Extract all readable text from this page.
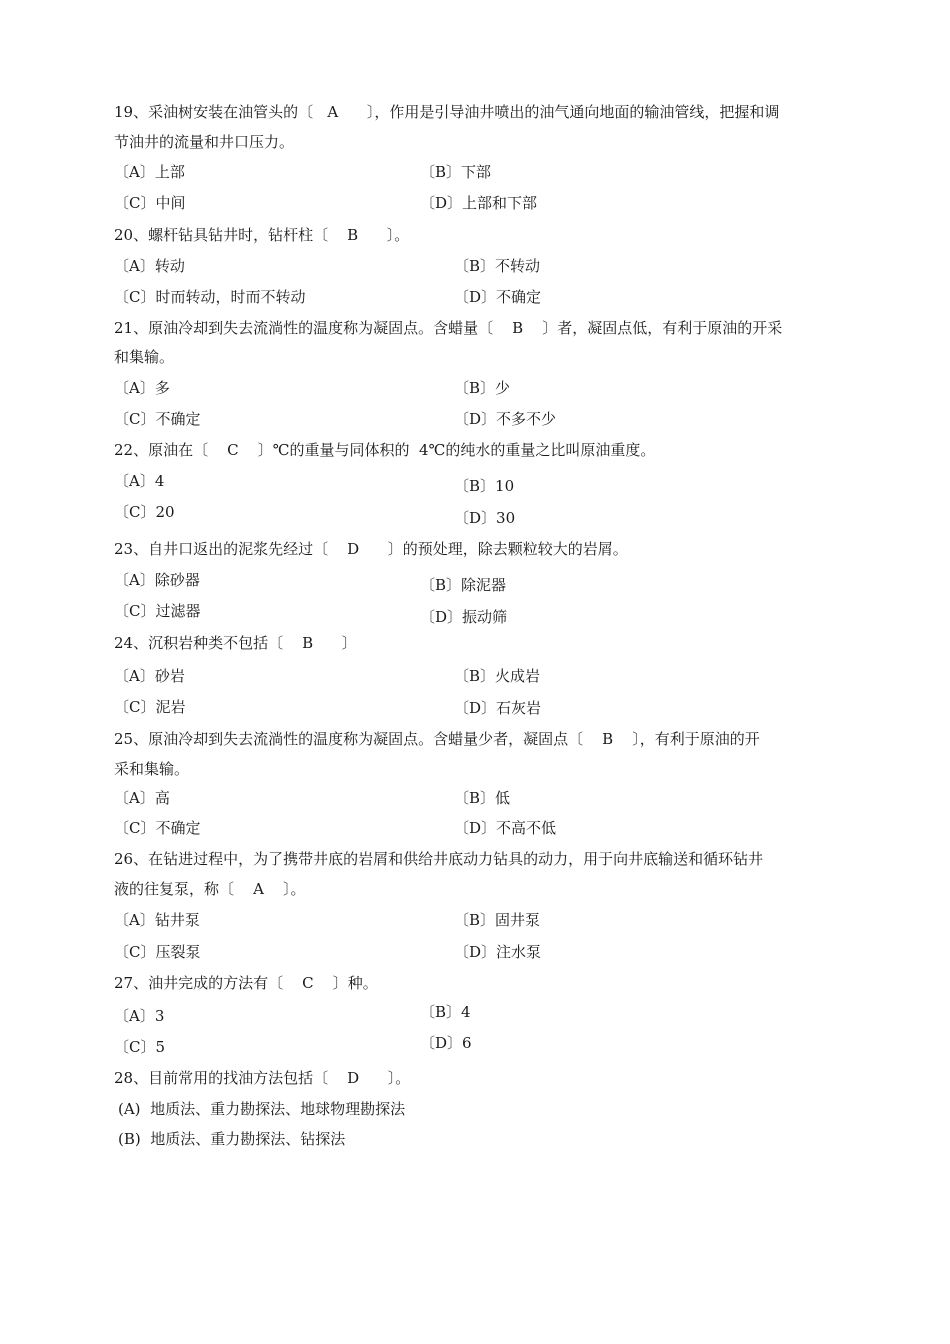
19、采油树安装在油管头的〔   A      〕，作用是引导油井喷出的油气通向地面的输油管线，把握和调
节油井的流量和井口压力。
〔A〕上部	〔B〕下部
〔C〕中间	〔D〕上部和下部
20、螺杆钻具钻井时，钻杆柱〔    B      〕。
〔A〕转动	〔B〕不转动
〔C〕时而转动，时而不转动	〔D〕不确定
21、原油冷却到失去流淌性的温度称为凝固点。含蜡量〔    B    〕者，凝固点低，有利于原油的开采
和集输。
〔A〕多	〔B〕少
〔C〕不确定	〔D〕不多不少
22、原油在〔    C    〕℃的重量与同体积的  4℃的纯水的重量之比叫原油重度。
〔A〕4	〔B〕10
〔C〕20	〔D〕30
23、自井口返出的泥浆先经过〔    D      〕的预处理，除去颗粒较大的岩屑。
〔A〕除砂器	〔B〕除泥器
〔C〕过滤器	〔D〕振动筛
24、沉积岩种类不包括〔    B      〕
〔A〕砂岩	〔B〕火成岩
〔C〕泥岩	〔D〕石灰岩
25、原油冷却到失去流淌性的温度称为凝固点。含蜡量少者，凝固点〔    B    〕，有利于原油的开
采和集输。
〔A〕高	〔B〕低
〔C〕不确定	〔D〕不高不低
26、在钻进过程中，为了携带井底的岩屑和供给井底动力钻具的动力，用于向井底输送和循环钻井
液的往复泵，称〔    A    〕。
〔A〕钻井泵	〔B〕固井泵
〔C〕压裂泵	〔D〕注水泵
27、油井完成的方法有〔    C    〕种。
〔A〕3	〔B〕4
〔C〕5	〔D〕6
28、目前常用的找油方法包括〔    D      〕。
(A)  地质法、重力勘探法、地球物理勘探法
(B)  地质法、重力勘探法、钻探法
